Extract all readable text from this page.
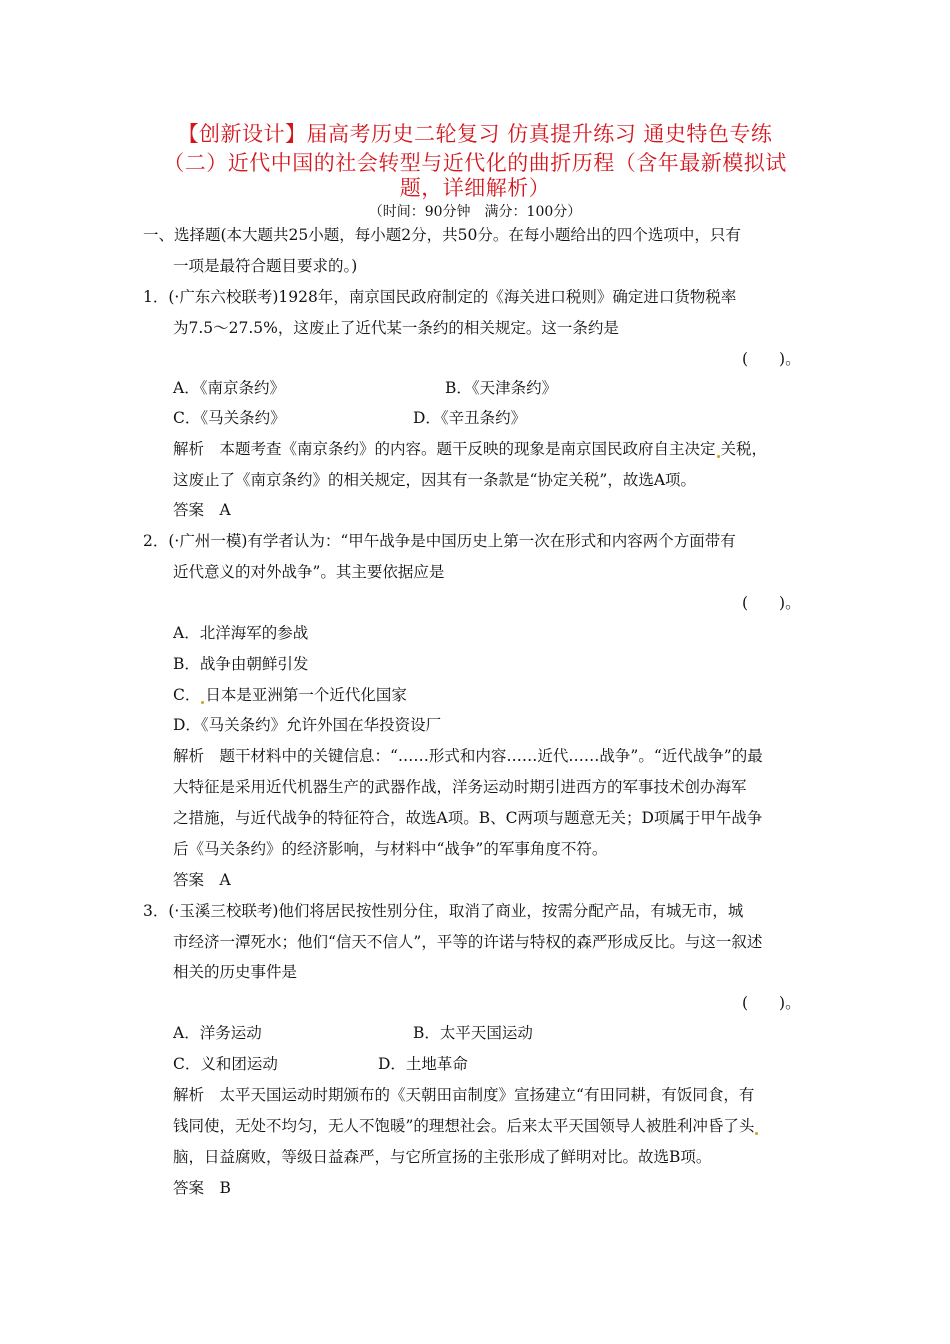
【创新设计】届高考历史二轮复习 仿真提升练习 通史特色专练
（二）近代中国的社会转型与近代化的曲折历程（含年最新模拟试
题，详细解析）
（时间：90分钟　满分：100分）
一、选择题(本大题共25小题，每小题2分，共50分。在每小题给出的四个选项中，只有
一项是最符合题目要求的。)
1．(·广东六校联考)1928年，南京国民政府制定的《海关进口税则》确定进口货物税率
为7.5～27.5%，这废止了近代某一条约的相关规定。这一条约是
(　　)。
A．《南京条约》	B．《天津条约》
C．《马关条约》	D．《辛丑条约》
解析　本题考查《南京条约》的内容。题干反映的现象是南京国民政府自主决定 关税，
这废止了《南京条约》的相关规定，因其有一条款是“协定关税”，故选A项。
答案　A
2．(·广州一模)有学者认为：“甲午战争是中国历史上第一次在形式和内容两个方面带有
近代意义的对外战争”。其主要依据应是
(　　)。
A．北洋海军的参战
B．战争由朝鲜引发
C． 日本是亚洲第一个近代化国家
D．《马关条约》允许外国在华投资设厂
解析　题干材料中的关键信息：“……形式和内容……近代……战争”。“近代战争”的最
大特征是采用近代机器生产的武器作战，洋务运动时期引进西方的军事技术创办海军
之措施，与近代战争的特征符合，故选A项。B、C两项与题意无关；D项属于甲午战争
后《马关条约》的经济影响，与材料中“战争”的军事角度不符。
答案　A
3．(·玉溪三校联考)他们将居民按性别分住，取消了商业，按需分配产品，有城无市，城
市经济一潭死水；他们“信天不信人”，平等的许诺与特权的森严形成反比。与这一叙述
相关的历史事件是
(　　)。
A．洋务运动	B．太平天国运动
C．义和团运动	D．土地革命
解析　太平天国运动时期颁布的《天朝田亩制度》宣扬建立“有田同耕，有饭同食，有
钱同使，无处不均匀，无人不饱暖”的理想社会。后来太平天国领导人被胜利冲昏了头
脑，日益腐败，等级日益森严，与它所宣扬的主张形成了鲜明对比。故选B项。
答案　B
